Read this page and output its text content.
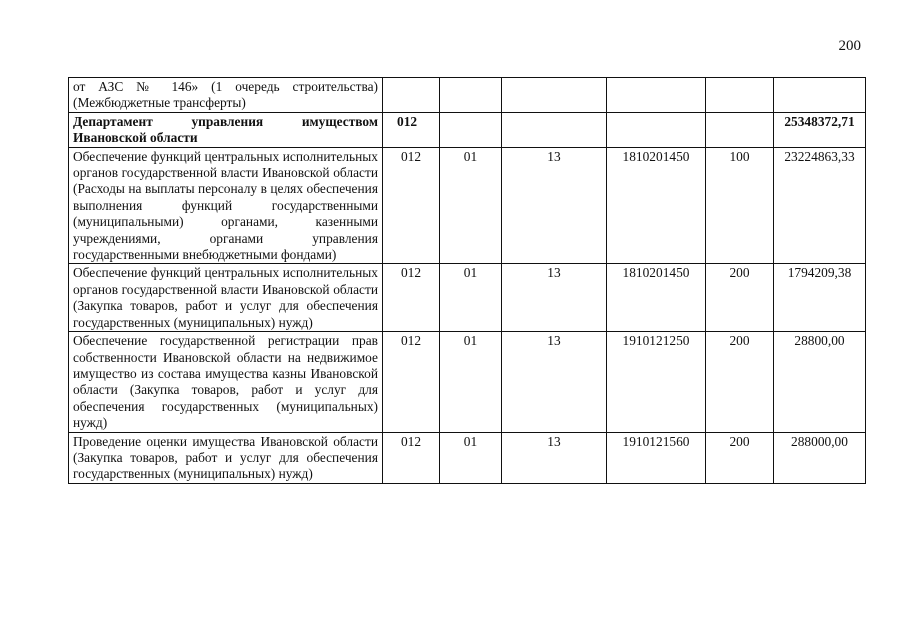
200
от АЗС № 146» (1 очередь строительства) (Межбюджетные трансферты)						
Департамент управления имуществом Ивановской области	012					25348372,71
Обеспечение функций центральных исполнительных органов государственной власти Ивановской области (Расходы на выплаты персоналу в целях обеспечения выполнения функций государственными (муниципальными) органами, казенными учреждениями, органами управления государственными внебюджетными фондами)	012	01	13	1810201450	100	23224863,33
Обеспечение функций центральных исполнительных органов государственной власти Ивановской области (Закупка товаров, работ и услуг для обеспечения государственных (муниципальных) нужд)	012	01	13	1810201450	200	1794209,38
Обеспечение государственной регистрации прав собственности Ивановской области на недвижимое имущество из состава имущества казны Ивановской области (Закупка товаров, работ и услуг для обеспечения государственных (муниципальных) нужд)	012	01	13	1910121250	200	28800,00
Проведение оценки имущества Ивановской области (Закупка товаров, работ и услуг для обеспечения государственных (муниципальных) нужд)	012	01	13	1910121560	200	288000,00
